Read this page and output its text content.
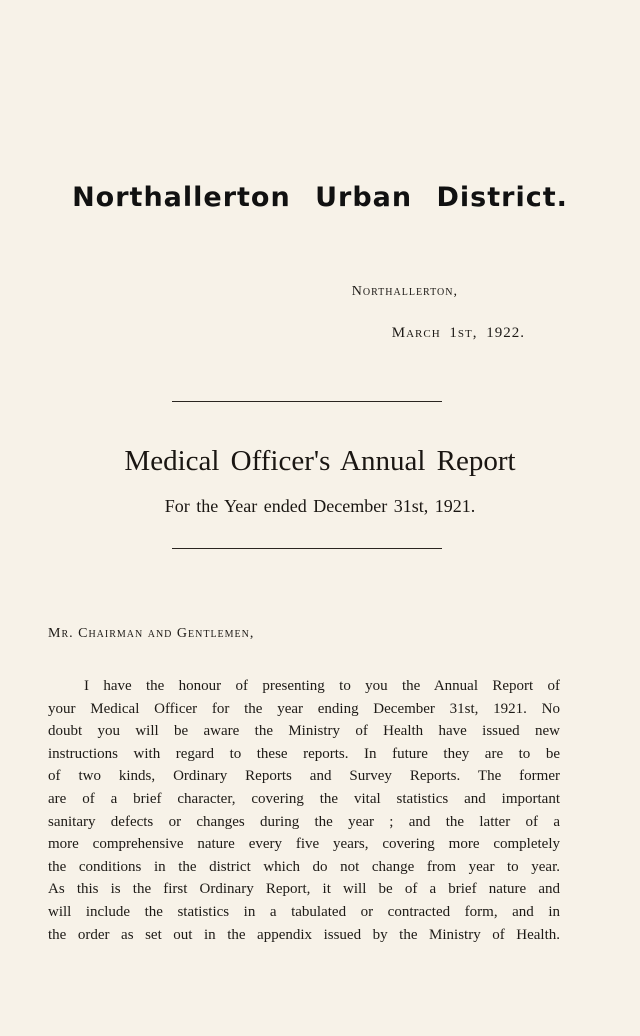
Northallerton Urban District.
Northallerton,
March 1st, 1922.
Medical Officer's Annual Report
For the Year ended December 31st, 1921.
Mr. Chairman and Gentlemen,
I have the honour of presenting to you the Annual Report of
your Medical Officer for the year ending December 31st, 1921. No
doubt you will be aware the Ministry of Health have issued new
instructions with regard to these reports. In future they are to be
of two kinds, Ordinary Reports and Survey Reports. The former
are of a brief character, covering the vital statistics and important
sanitary defects or changes during the year ; and the latter of a
more comprehensive nature every five years, covering more completely
the conditions in the district which do not change from year to year.
As this is the first Ordinary Report, it will be of a brief nature and
will include the statistics in a tabulated or contracted form, and in
the order as set out in the appendix issued by the Ministry of Health.
